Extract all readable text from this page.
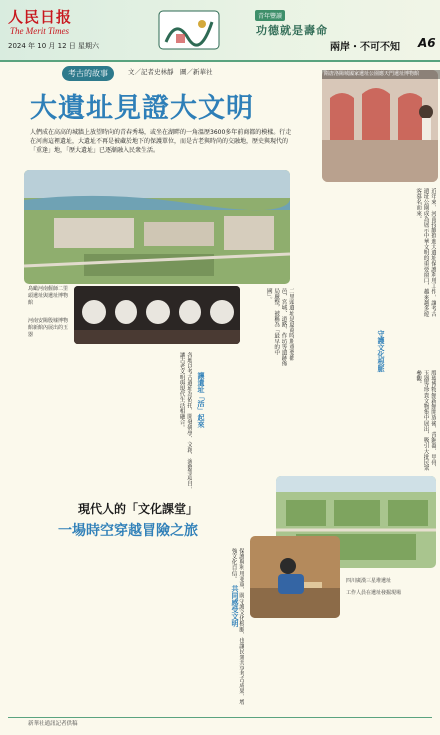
人民日报
The Merit Times
2024 年 10 月 12 日 星期六
青年豐讀
功德就是壽命
兩岸・不可不知 A6
考古的故事	文／記者史林靜　圖／新華社
大遺址見證大文明
人們成在高高的城牆上放望時向的青春秀場，或坐在湖畔的一角溫歷3600多年前商都的模樣。行走在河南這裡遺址，大遺址不再是被藏於地下的保護單位，而是古老與時尚的交融地，歷史與現代的「重逢」地，「歷大遺址」已逐漸融入民衆生活。
隋唐洛陽城國家遺址公園應天門遺址博物館
鳥瞰河南偃師二里頭遺址與遺址博物館
河南安陽殷墟博物館新館內展出的玉器
近年來，河南持續推進大遺址保護利用工作，讓考古遺址公園成為展示中華文明的重要窗口，越來越多遊客慕名而來。
二里頭遺址是夏商時期重要都邑，宮城、道路、作坊等遺跡佈局嚴整，被稱為「最早的中國」。
殷墟博物館新館開放後，青銅器、甲骨、玉器等珍貴文物集中展出，吸引大批民衆參觀。
各地以考古遺址為依托，開發研學、文創、演藝等項目，讓古老文明與現代生活相融合。
保護與利用並重，既守護文化根脈，也讓民衆共享考古成果，增強文化自信。
讓遺址「活」起來
守護文化根脈
共同感受文明
現代人的「文化課堂」
一場時空穿越冒險之旅
四川廣漢三星堆遺址
工作人員在遺址發掘現場
新華社通訊記者供稿
